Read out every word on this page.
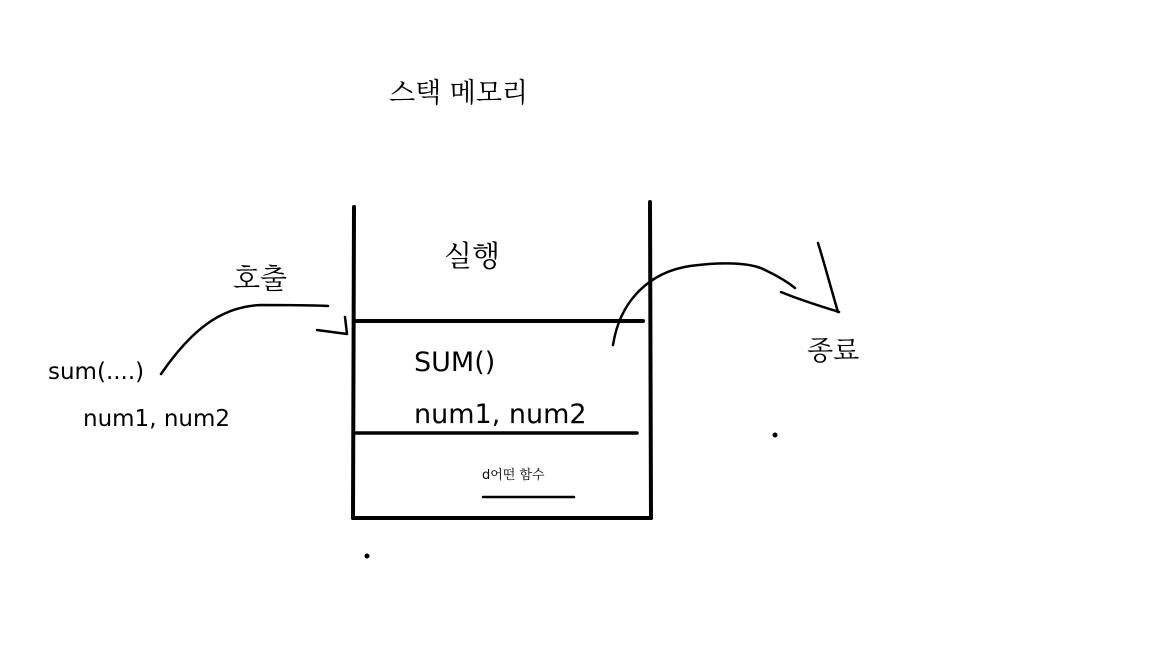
스택 메모리
실행
호출
종료
sum(....)
num1, num2
SUM()
num1, num2
d어떤 함수
